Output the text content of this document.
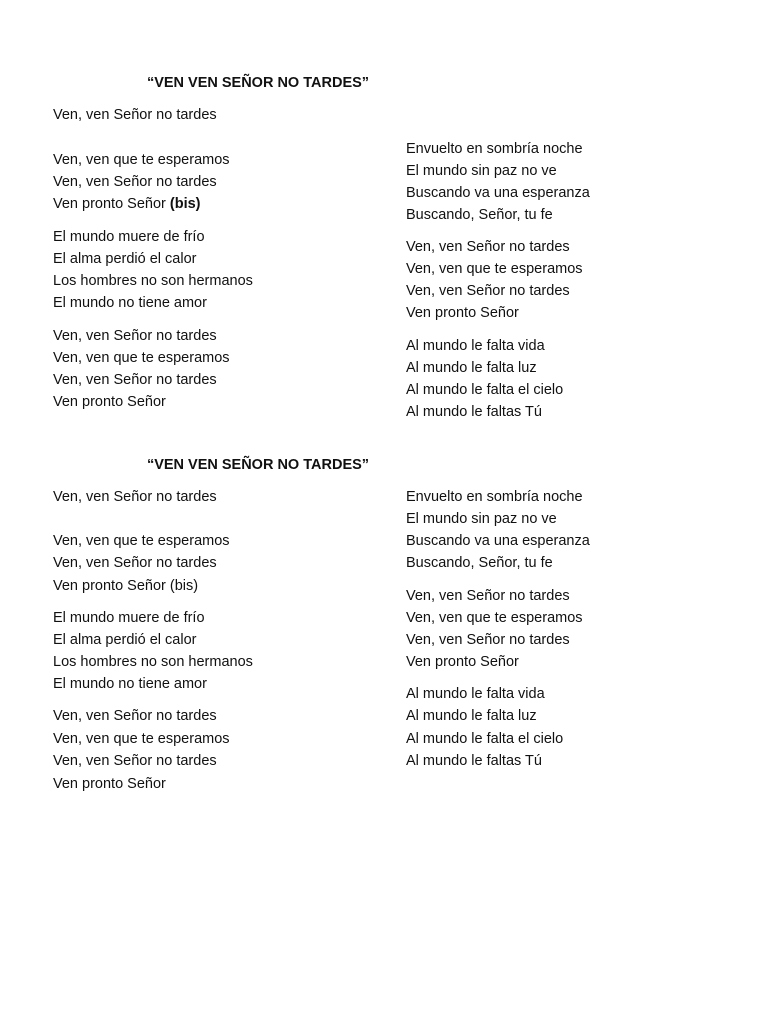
“VEN VEN SEÑOR NO TARDES”
Ven, ven Señor no tardes
Ven, ven que te esperamos
Ven, ven Señor no tardes
Ven pronto Señor (bis)
El mundo muere de frío
El alma perdió el calor
Los hombres no son hermanos
El mundo no tiene amor
Ven, ven Señor no tardes
Ven, ven que te esperamos
Ven, ven Señor no tardes
Ven pronto Señor
Envuelto en sombría noche
El mundo sin paz no ve
Buscando va una esperanza
Buscando, Señor, tu fe
Ven, ven Señor no tardes
Ven, ven que te esperamos
Ven, ven Señor no tardes
Ven pronto Señor
Al mundo le falta vida
Al mundo le falta luz
Al mundo le falta el cielo
Al mundo le faltas Tú
“VEN VEN SEÑOR NO TARDES”
Ven, ven Señor no tardes
Ven, ven que te esperamos
Ven, ven Señor no tardes
Ven pronto Señor (bis)
El mundo muere de frío
El alma perdió el calor
Los hombres no son hermanos
El mundo no tiene amor
Ven, ven Señor no tardes
Ven, ven que te esperamos
Ven, ven Señor no tardes
Ven pronto Señor
Envuelto en sombría noche
El mundo sin paz no ve
Buscando va una esperanza
Buscando, Señor, tu fe
Ven, ven Señor no tardes
Ven, ven que te esperamos
Ven, ven Señor no tardes
Ven pronto Señor
Al mundo le falta vida
Al mundo le falta luz
Al mundo le falta el cielo
Al mundo le faltas Tú
